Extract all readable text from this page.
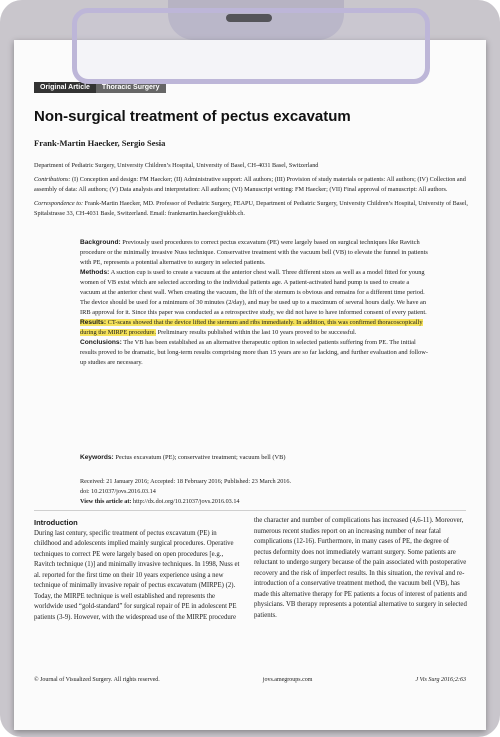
Original Article	Thoracic Surgery
Non-surgical treatment of pectus excavatum
Frank-Martin Haecker, Sergio Sesia

Department of Pediatric Surgery, University Children’s Hospital, University of Basel, CH-4031 Basel, Switzerland

Contributions: (I) Conception and design: FM Haecker; (II) Administrative support: All authors; (III) Provision of study materials or patients: All authors; (IV) Collection and assembly of data: All authors; (V) Data analysis and interpretation: All authors; (VI) Manuscript writing: FM Haecker; (VII) Final approval of manuscript: All authors.

Correspondence to: Frank-Martin Haecker, MD. Professor of Pediatric Surgery, FEAPU, Department of Pediatric Surgery, University Children’s Hospital, University of Basel, Spitalstrasse 33, CH-4031 Basle, Switzerland. Email: frankmartin.haecker@ukbb.ch.

Background: Previously used procedures to correct pectus excavatum (PE) were largely based on surgical techniques like Ravitch procedure or the minimally invasive Nuss technique. Conservative treatment with the vacuum bell (VB) to elevate the funnel in patients with PE, represents a potential alternative to surgery in selected patients.

Methods: A suction cup is used to create a vacuum at the anterior chest wall. Three different sizes as well as a model fitted for young women of VB exist which are selected according to the individual patients age. A patient-activated hand pump is used to create a vacuum at the anterior chest wall. When creating the vacuum, the lift of the sternum is obvious and remains for a different time period. The device should be used for a minimum of 30 minutes (2/day), and may be used up to a maximum of several hours daily. We have an IRB approval for it. Since this paper was conducted as a retrospective study, we did not have to have informed consent of every patient.

Results: CT-scans showed that the device lifted the sternum and ribs immediately. In addition, this was confirmed thoracoscopically during the MIRPE procedure. Preliminary results published within the last 10 years proved to be successful.

Conclusions: The VB has been established as an alternative therapeutic option in selected patients suffering from PE. The initial results proved to be dramatic, but long-term results comprising more than 15 years are so far lacking, and further evaluation and follow-up studies are necessary.

Keywords: Pectus excavatum (PE); conservative treatment; vacuum bell (VB)

Received: 21 January 2016; Accepted: 18 February 2016; Published: 23 March 2016.

doi: 10.21037/jovs.2016.03.14

View this article at: http://dx.doi.org/10.21037/jovs.2016.03.14

Introduction

During last century, specific treatment of pectus excavatum (PE) in childhood and adolescents implied mainly surgical procedures. Operative techniques to correct PE were largely based on open procedures [e.g., Ravitch technique (1)] and minimally invasive techniques. In 1998, Nuss et al. reported for the first time on their 10 years experience using a new technique of minimally invasive repair of pectus excavatum (MIRPE) (2). Today, the MIRPE technique is well established and represents the worldwide used “gold-standard” for surgical repair of PE in adolescent PE patients (3-9). However, with the widespread use of the MIRPE procedure

the character and number of complications has increased (4,6-11). Moreover, numerous recent studies report on an increasing number of near fatal complications (12-16). Furthermore, in many cases of PE, the degree of pectus deformity does not immediately warrant surgery. Some patients are reluctant to undergo surgery because of the pain associated with postoperative recovery and the risk of imperfect results. In this situation, the revival and re-introduction of a conservative treatment method, the vacuum bell (VB), has made this alternative therapy for PE patients a focus of interest of patients and physicians. VB therapy represents a potential alternative to surgery in selected patients.

© Journal of Visualized Surgery. All rights reserved.	jovs.amegroups.com	J Vis Surg 2016;2:63
